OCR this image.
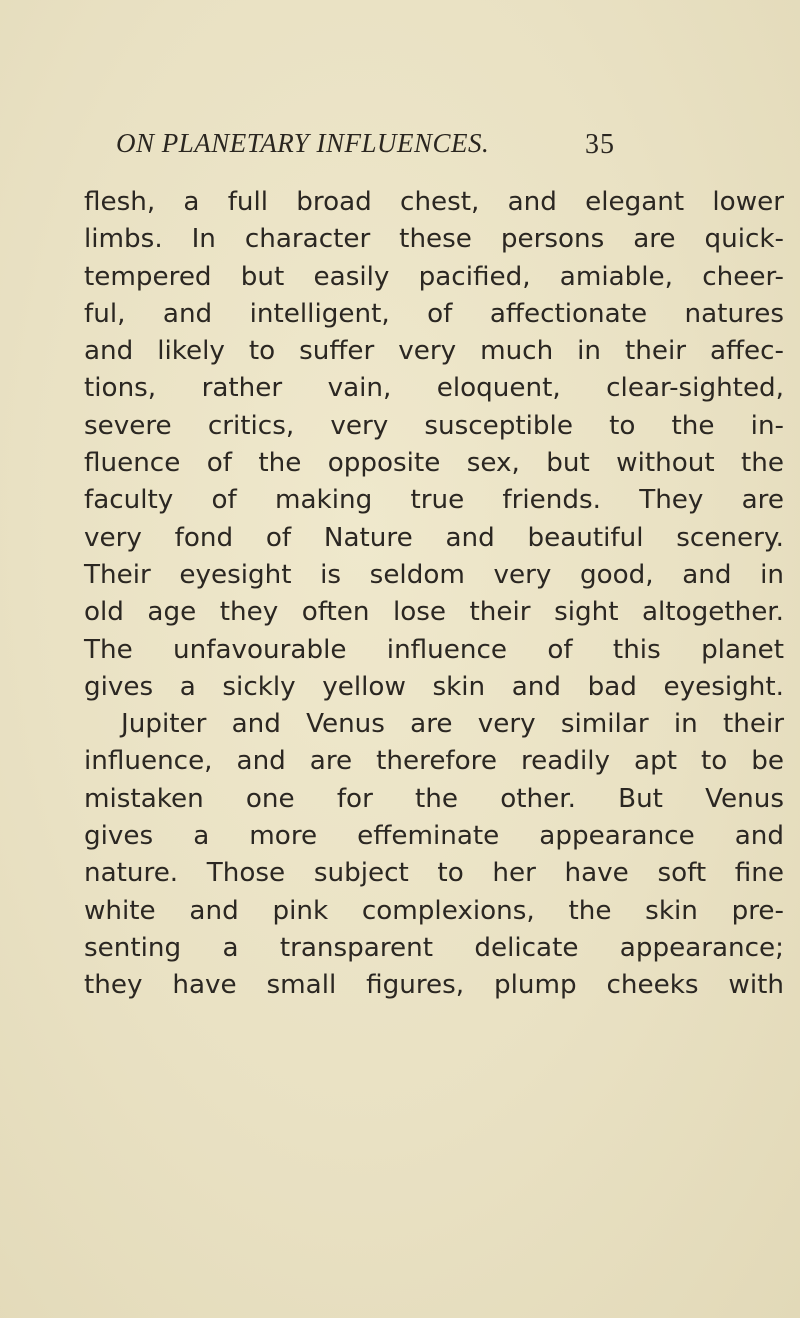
ON PLANETARY INFLUENCES.	35
flesh, a full broad chest, and elegant lower
limbs. In character these persons are quick-
tempered but easily pacified, amiable, cheer-
ful, and intelligent, of affectionate natures
and likely to suffer very much in their affec-
tions, rather vain, eloquent, clear-sighted,
severe critics, very susceptible to the in-
fluence of the opposite sex, but without the
faculty of making true friends. They are
very fond of Nature and beautiful scenery.
Their eyesight is seldom very good, and in
old age they often lose their sight altogether.
The unfavourable influence of this planet
gives a sickly yellow skin and bad eyesight.
Jupiter and Venus are very similar in their
influence, and are therefore readily apt to be
mistaken one for the other. But Venus
gives a more effeminate appearance and
nature. Those subject to her have soft fine
white and pink complexions, the skin pre-
senting a transparent delicate appearance;
they have small figures, plump cheeks with
